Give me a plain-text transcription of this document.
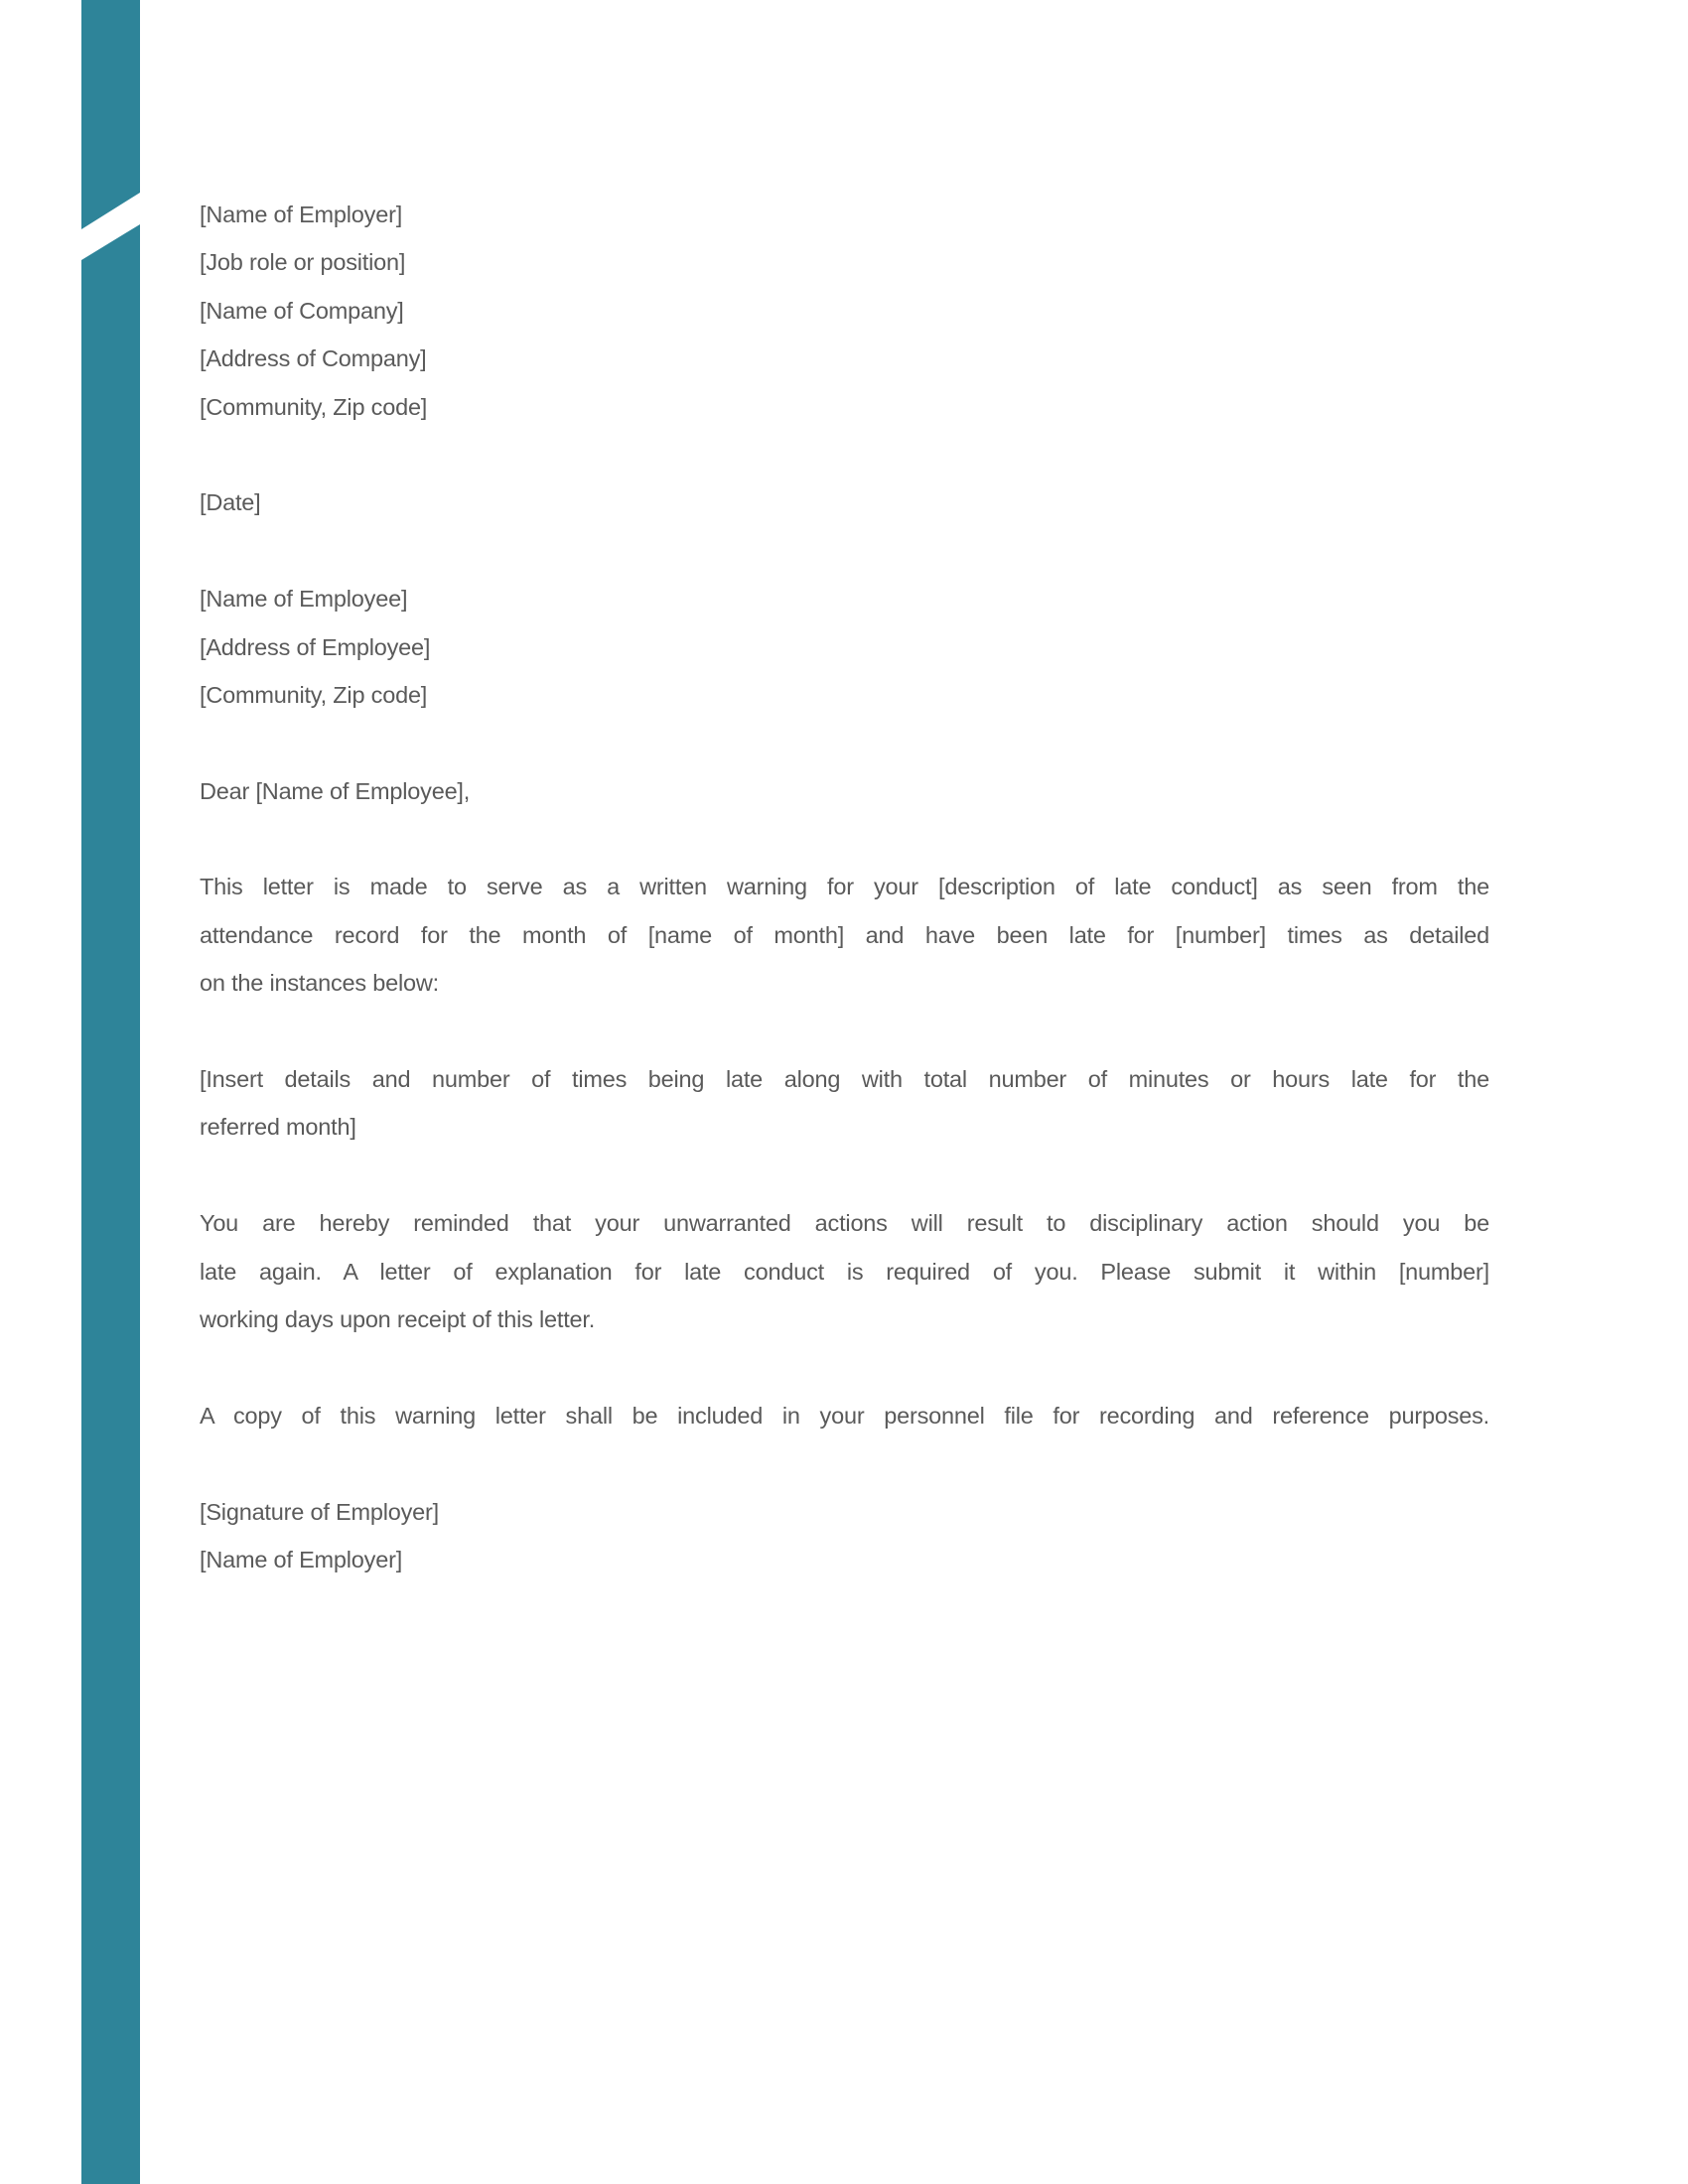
[Name of Employer]
[Job role or position]
[Name of Company]
[Address of Company]
[Community, Zip code]
[Date]
[Name of Employee]
[Address of Employee]
[Community, Zip code]
Dear [Name of Employee],
This letter is made to serve as a written warning for your [description of late conduct] as seen from the
attendance record for the month of [name of month] and have been late for [number] times as detailed
on the instances below:
[Insert details and number of times being late along with total number of minutes or hours late for the
referred month]
You are hereby reminded that your unwarranted actions will result to disciplinary action should you be
late again. A letter of explanation for late conduct is required of you. Please submit it within [number]
working days upon receipt of this letter.
A copy of this warning letter shall be included in your personnel file for recording and reference purposes.
[Signature of Employer]
[Name of Employer]
